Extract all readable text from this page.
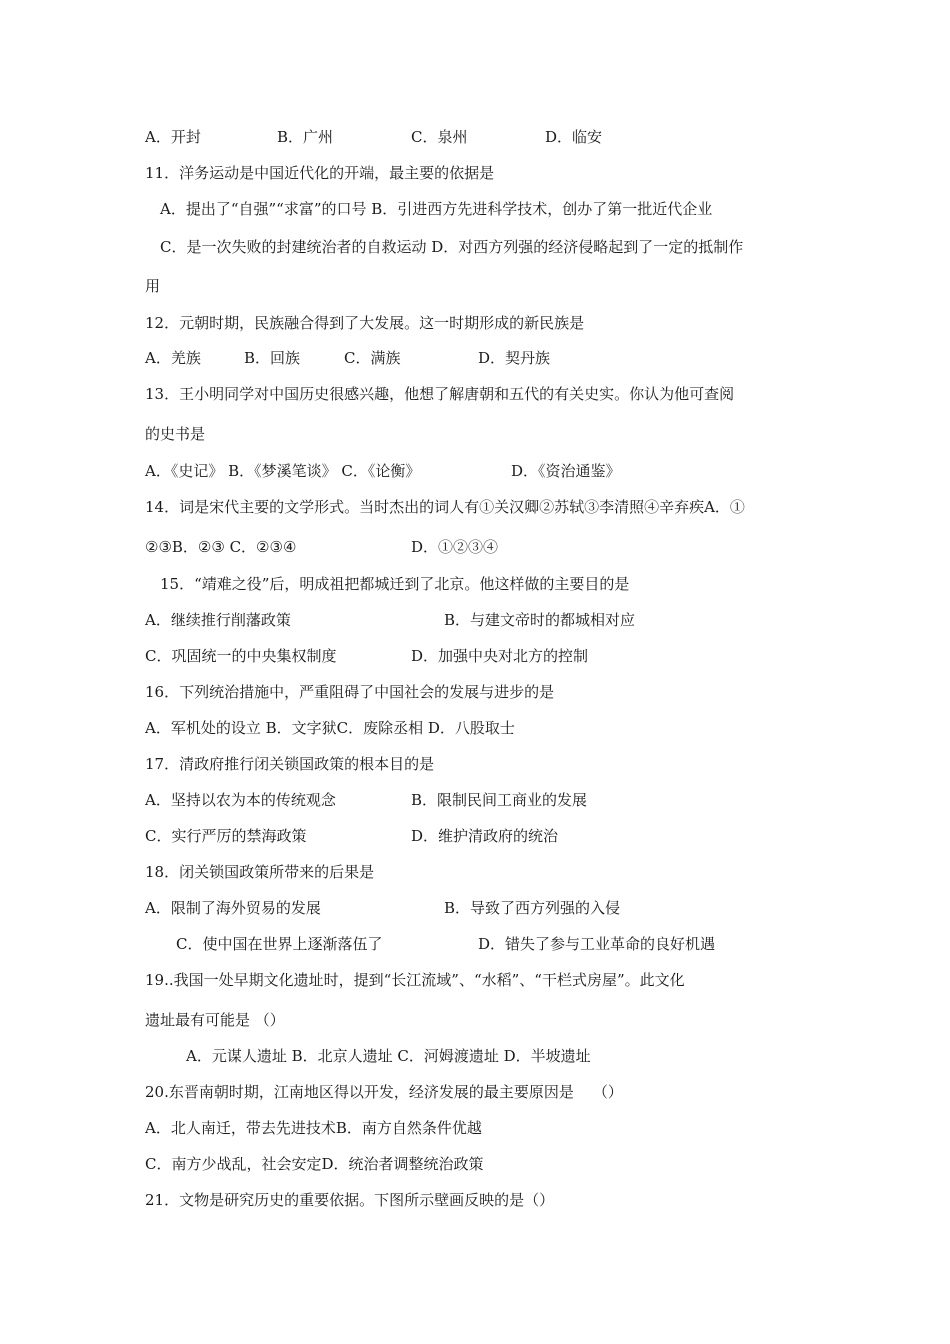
A．开封	B．广州	C．泉州	D．临安
11．洋务运动是中国近代化的开端，最主要的依据是
A．提出了“自强”“求富”的口号 B．引进西方先进科学技术，创办了第一批近代企业
C．是一次失败的封建统治者的自救运动 D．对西方列强的经济侵略起到了一定的抵制作
用
12．元朝时期，民族融合得到了大发展。这一时期形成的新民族是
A．羌族	B．回族	C．满族	D．契丹族
13．王小明同学对中国历史很感兴趣，他想了解唐朝和五代的有关史实。你认为他可查阅
的史书是
A．《史记》 B．《梦溪笔谈》 C．《论衡》	D．《资治通鉴》
14．词是宋代主要的文学形式。当时杰出的词人有①关汉卿②苏轼③李清照④辛弃疾A．①
②③B．②③ C．②③④	D．①②③④
15．“靖难之役”后，明成祖把都城迁到了北京。他这样做的主要目的是
A．继续推行削藩政策	B．与建文帝时的都城相对应
C．巩固统一的中央集权制度	D．加强中央对北方的控制
16．下列统治措施中，严重阻碍了中国社会的发展与进步的是
A．军机处的设立 B．文字狱C．废除丞相 D．八股取士
17．清政府推行闭关锁国政策的根本目的是
A．坚持以农为本的传统观念	B．限制民间工商业的发展
C．实行严厉的禁海政策	D．维护清政府的统治
18．闭关锁国政策所带来的后果是
A．限制了海外贸易的发展	B．导致了西方列强的入侵
C．使中国在世界上逐渐落伍了	D．错失了参与工业革命的良好机遇
19..我国一处早期文化遗址时，提到“长江流域”、“水稻”、“干栏式房屋”。此文化
遗址最有可能是 （）
A．元谋人遗址 B．北京人遗址 C．河姆渡遗址 D．半坡遗址
20.东晋南朝时期，江南地区得以开发，经济发展的最主要原因是    （）
A．北人南迁，带去先进技术B．南方自然条件优越
C．南方少战乱，社会安定D．统治者调整统治政策
21．文物是研究历史的重要依据。下图所示壁画反映的是（）
